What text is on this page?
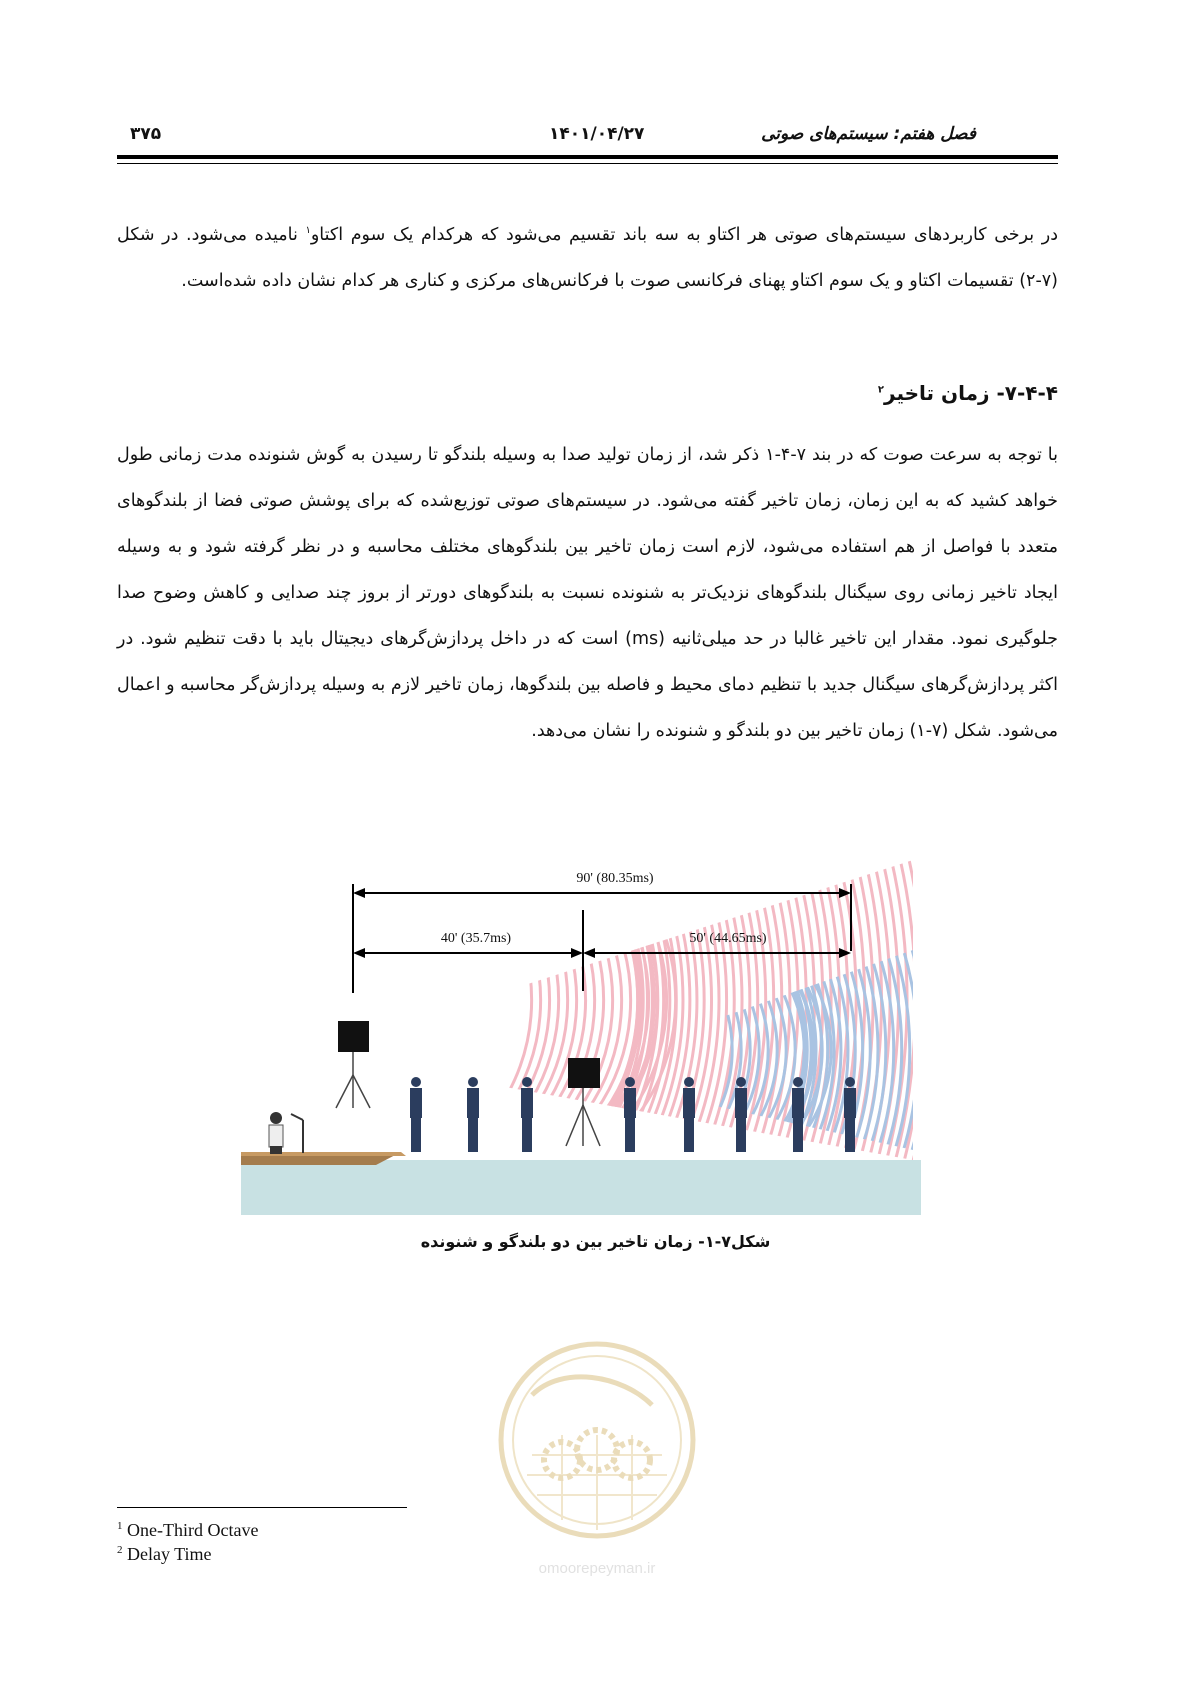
فصل هفتم: سیستم‌های صوتی
۱۴۰۱/۰۴/۲۷
۳۷۵

در برخی کاربردهای سیستم‌های صوتی هر اکتاو به سه باند تقسیم می‌شود که هرکدام یک سوم اکتاو$^۱$ نامیده می‌شود. در شکل (۷-۲) تقسیمات اکتاو و یک سوم اکتاو پهنای فرکانسی صوت با فرکانس‌های مرکزی و کناری هر کدام نشان داده شده‌است.

۷-۴-۴- زمان تاخیر$^۲$

با توجه به سرعت صوت که در بند ۷-۴-۱ ذکر شد، از زمان تولید صدا به وسیله بلندگو تا رسیدن به گوش شنونده مدت زمانی طول خواهد کشید که به این زمان، زمان تاخیر گفته می‌شود. در سیستم‌های صوتی توزیع‌شده که برای پوشش صوتی فضا از بلندگوهای متعدد با فواصل از هم استفاده می‌شود، لازم است زمان تاخیر بین بلندگوهای مختلف محاسبه و در نظر گرفته شود و به وسیله ایجاد تاخیر زمانی روی سیگنال بلندگوهای نزدیک‌تر به شنونده نسبت به بلندگوهای دورتر از بروز چند صدایی و کاهش وضوح صدا جلوگیری نمود. مقدار این تاخیر غالبا در حد میلی‌ثانیه (ms) است که در داخل پردازش‌گرهای دیجیتال باید با دقت تنظیم شود. در اکثر پردازش‌گرهای سیگنال جدید با تنظیم دمای محیط و فاصله بین بلندگوها، زمان تاخیر لازم به وسیله پردازش‌گر محاسبه و اعمال می‌شود. شکل (۷-۱) زمان تاخیر بین دو بلندگو و شنونده را نشان می‌دهد.

90' (80.35ms)
40' (35.7ms)	50' (44.65ms)
شکل۷-۱- زمان تاخیر بین دو بلندگو و شنونده
omoorepeyman.ir
$^1$ One-Third Octave
$^2$ Delay Time
